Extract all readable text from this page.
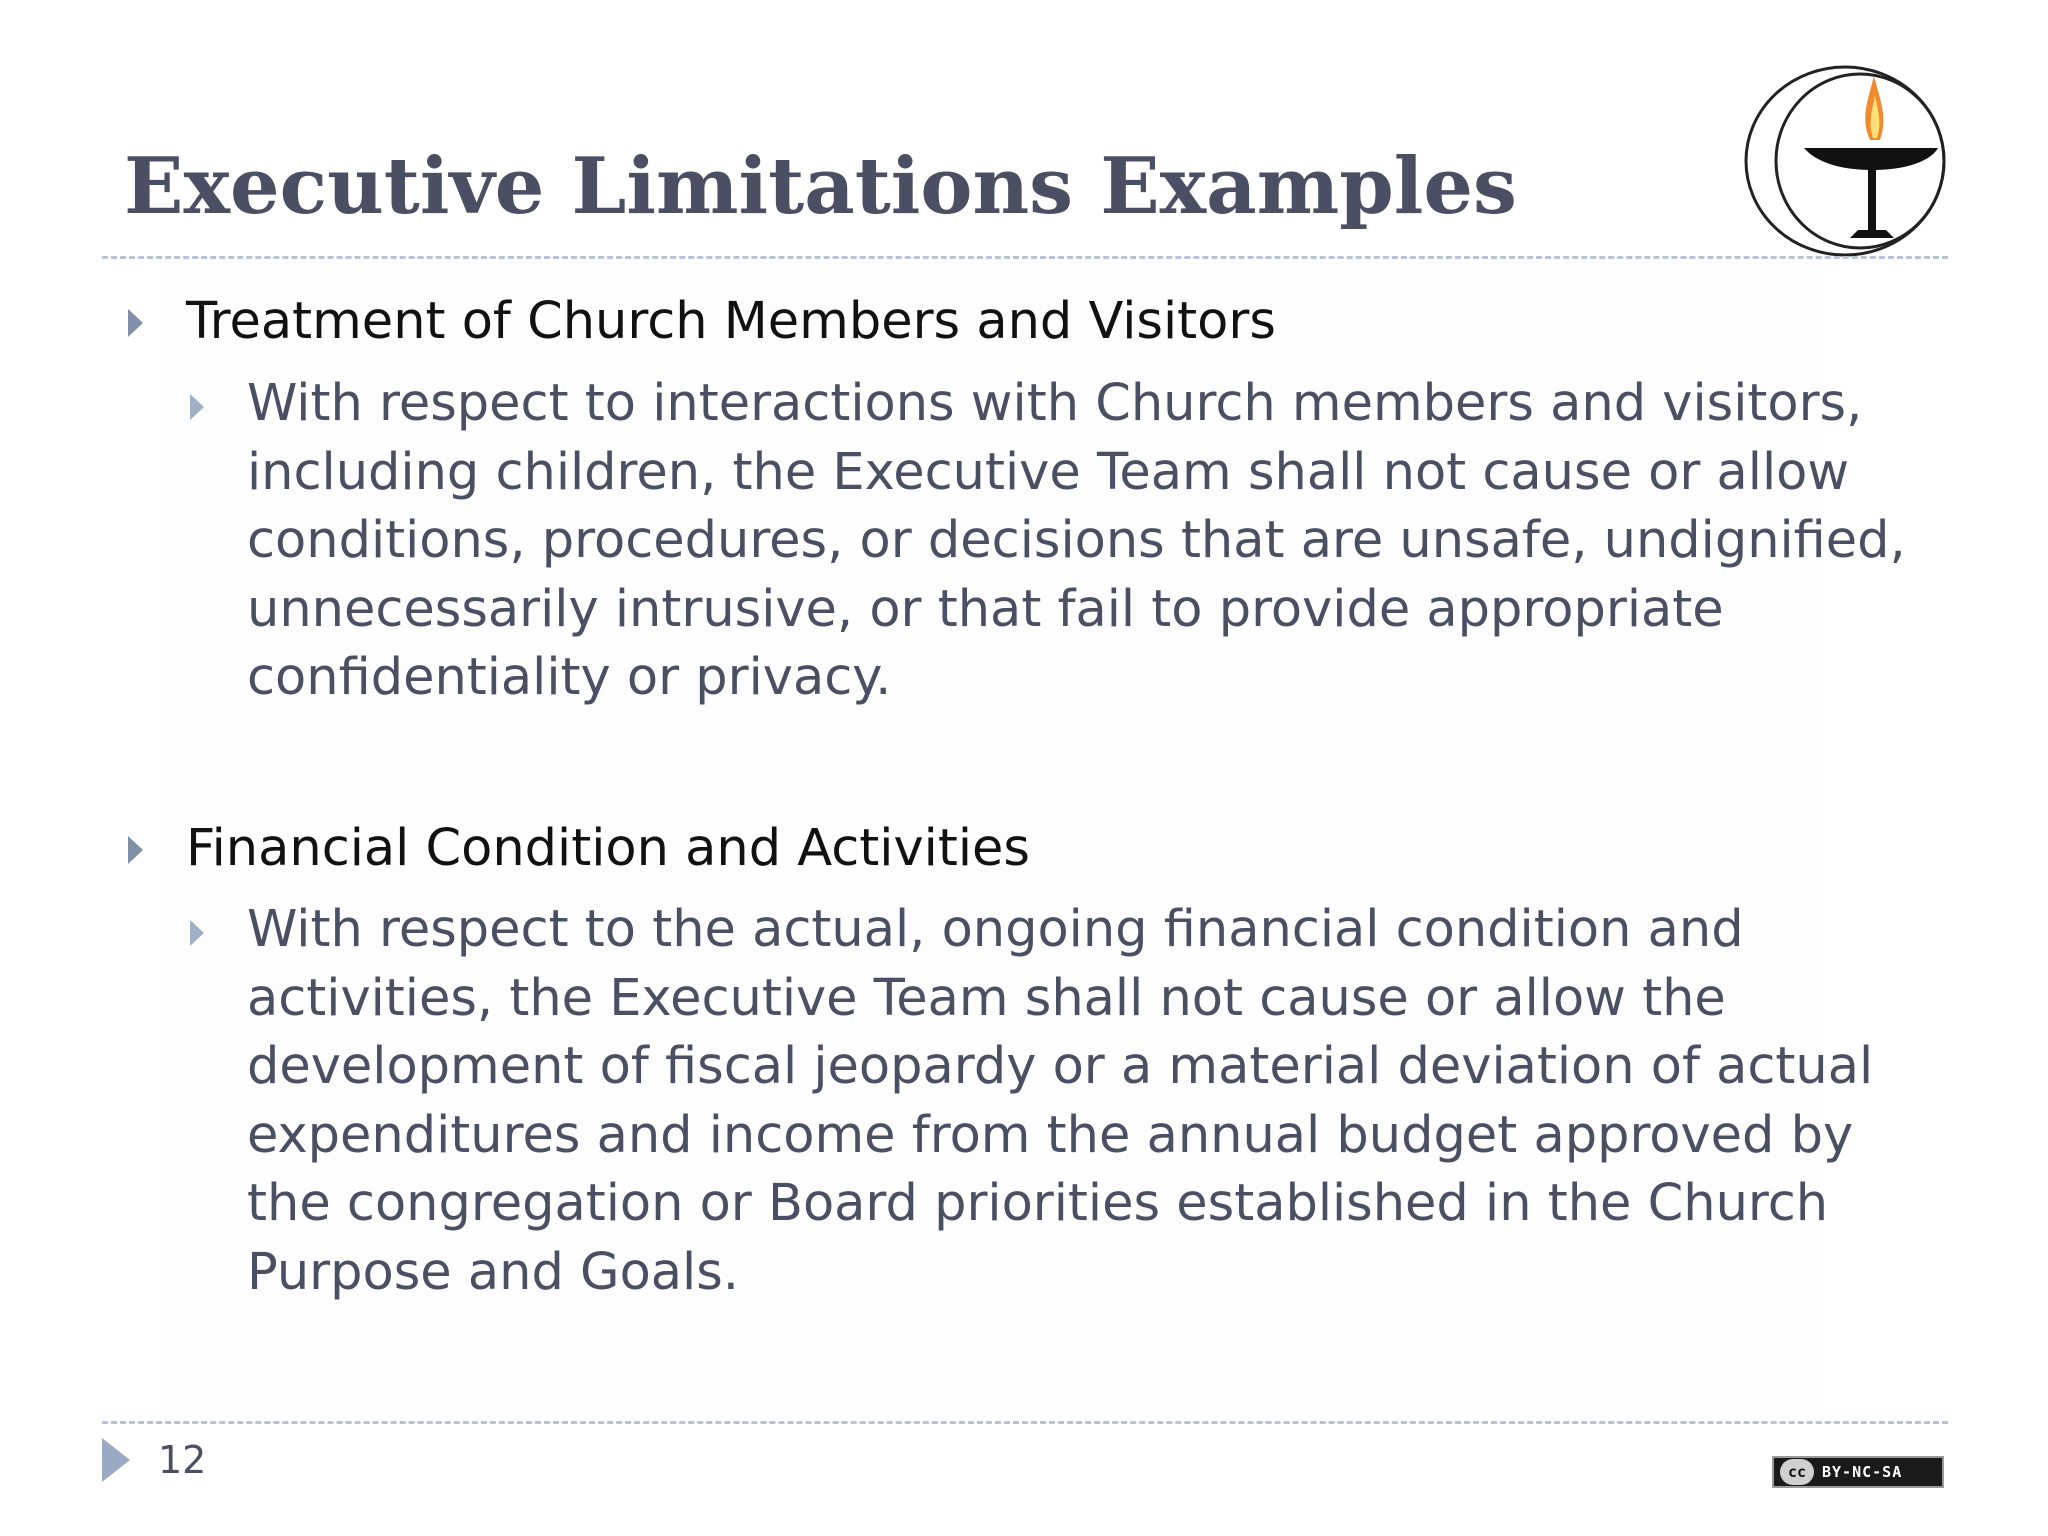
Executive Limitations Examples
Treatment of Church Members and Visitors
With respect to interactions with Church members and visitors, including children, the Executive Team shall not cause or allow conditions, procedures, or decisions that are unsafe, undignified, unnecessarily intrusive, or that fail to provide appropriate confidentiality or privacy.
Financial Condition and Activities
With respect to the actual, ongoing financial condition and activities, the Executive Team shall not cause or allow the development of fiscal jeopardy or a material deviation of actual expenditures and income from the annual budget approved by the congregation or Board priorities established in the Church Purpose and Goals.
12	cc	BY-NC-SA
